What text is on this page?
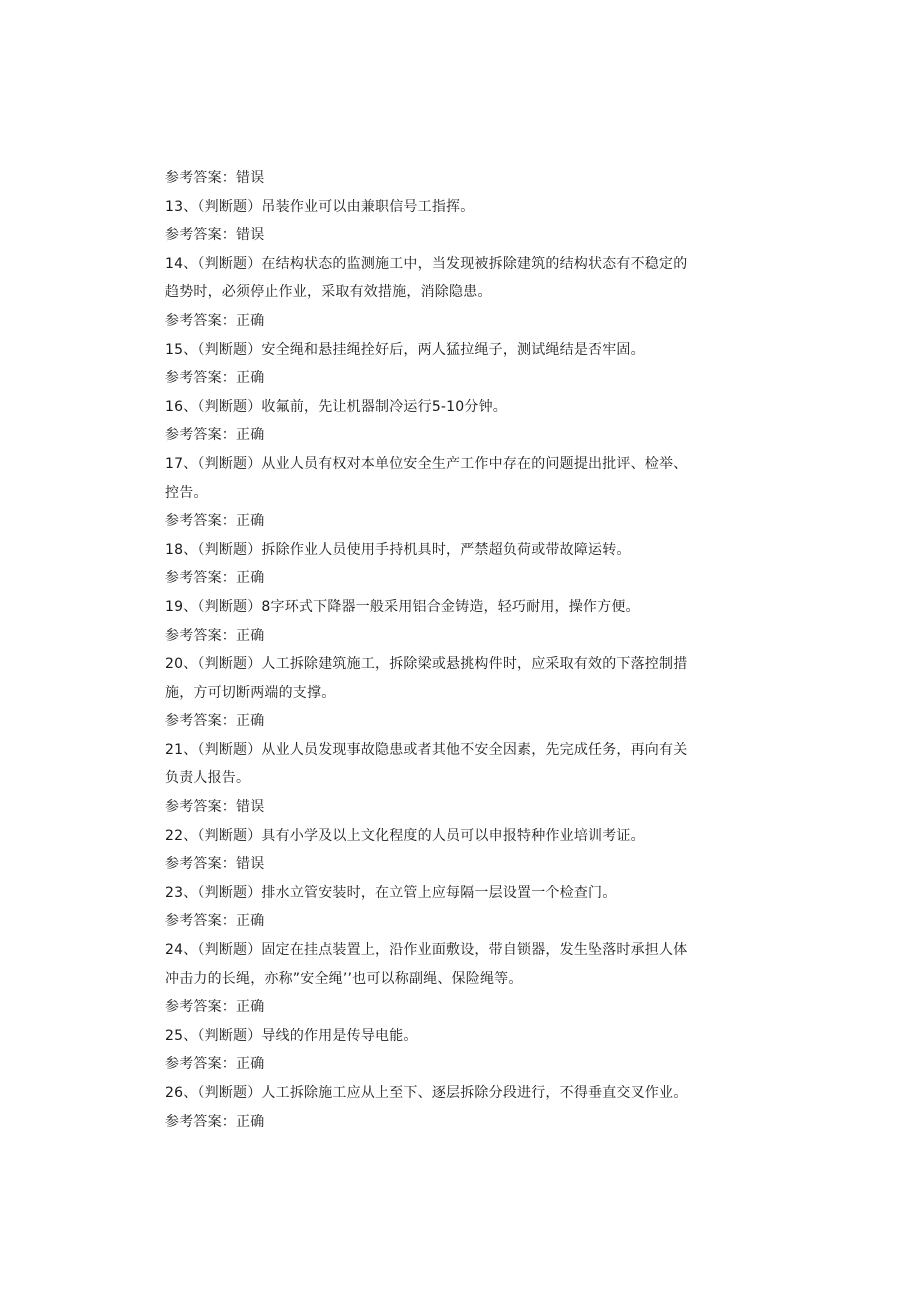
参考答案：错误
13、（判断题）吊装作业可以由兼职信号工指挥。
参考答案：错误
14、（判断题）在结构状态的监测施工中，当发现被拆除建筑的结构状态有不稳定的
趋势时，必须停止作业，采取有效措施，消除隐患。
参考答案：正确
15、（判断题）安全绳和悬挂绳拴好后，两人猛拉绳子，测试绳结是否牢固。
参考答案：正确
16、（判断题）收氟前，先让机器制冷运行5-10分钟。
参考答案：正确
17、（判断题）从业人员有权对本单位安全生产工作中存在的问题提出批评、检举、
控告。
参考答案：正确
18、（判断题）拆除作业人员使用手持机具时，严禁超负荷或带故障运转。
参考答案：正确
19、（判断题）8字环式下降器一般采用铝合金铸造，轻巧耐用，操作方便。
参考答案：正确
20、（判断题）人工拆除建筑施工，拆除梁或悬挑构件时，应采取有效的下落控制措
施，方可切断两端的支撑。
参考答案：正确
21、（判断题）从业人员发现事故隐患或者其他不安全因素，先完成任务，再向有关
负责人报告。
参考答案：错误
22、（判断题）具有小学及以上文化程度的人员可以申报特种作业培训考证。
参考答案：错误
23、（判断题）排水立管安装时，在立管上应每隔一层设置一个检查门。
参考答案：正确
24、（判断题）固定在挂点装置上，沿作业面敷设，带自锁器，发生坠落时承担人体
冲击力的长绳，亦称”安全绳’’也可以称副绳、保险绳等。
参考答案：正确
25、（判断题）导线的作用是传导电能。
参考答案：正确
26、（判断题）人工拆除施工应从上至下、逐层拆除分段进行，不得垂直交叉作业。
参考答案：正确
